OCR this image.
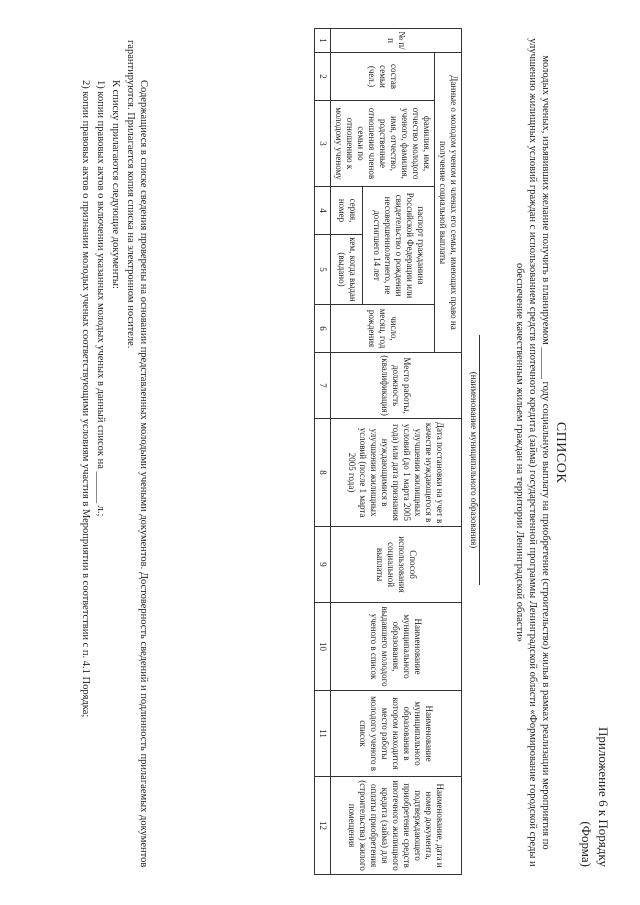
Приложение 6 к Порядку
(Форма)
СПИСОК
молодых ученых, изъявивших желание получить в планируемом ______ году социальную выплату на приобретение (строительство) жилья в рамках реализации мероприятия по улучшению жилищных условий граждан с использованием средств ипотечного кредита (займа) государственной программы Ленинградской области «Формирование городской среды и обеспечение качественным жильем граждан на территории Ленинградской области»
(наименование муниципального образования)
№ п/п	Данные о молодом ученом и членах его семьи, имеющих право на получение социальной выплаты					Место работы, должность (квалификация)	Дата постановки на учет в качестве нуждающегося в улучшении жилищных условий (до 1 марта 2005 года) или дата признания нуждающимися в улучшении жилищных условий (после 1 марта 2005 года)	Способ использования социальной выплаты	Наименование муниципального образования, выдавшего молодого ученого в список	Наименование муниципального образования в котором находится место работы молодого ученого в список	Наименование, дата и номер документа, подтверждающего приобретение средств ипотечного жилищного кредита (займа) для оплаты приобретения (строительства) жилого помещения
	состав семьи (чел.)	фамилия, имя, отчество молодого ученого, фамилия, имя, отчество, родственные отношения членов семьи по отношению к молодому ученому	паспорт гражданина Российской Федерации или свидетельство о рождении несовершеннолетнего, не достигшего 14 лет		число, месяц, год рождения						
			серия, номер	кем, когда выдан (выдано)							
1	2	3	4	5	6	7	8	9	10	11	12
Содержащиеся в списке сведения проверены на основании представленных молодыми учеными документов. Достоверность сведений и подлинность прилагаемых документов гарантируются. Прилагается копия списка на электронном носителе.
К списку прилагаются следующие документы:
1) копии правовых актов о включении указанных молодых ученых в данный список на ______ л.;
2) копии правовых актов о признании молодых ученых соответствующими условиям участия в Мероприятии в соответствии с п. 4.1 Порядка;
